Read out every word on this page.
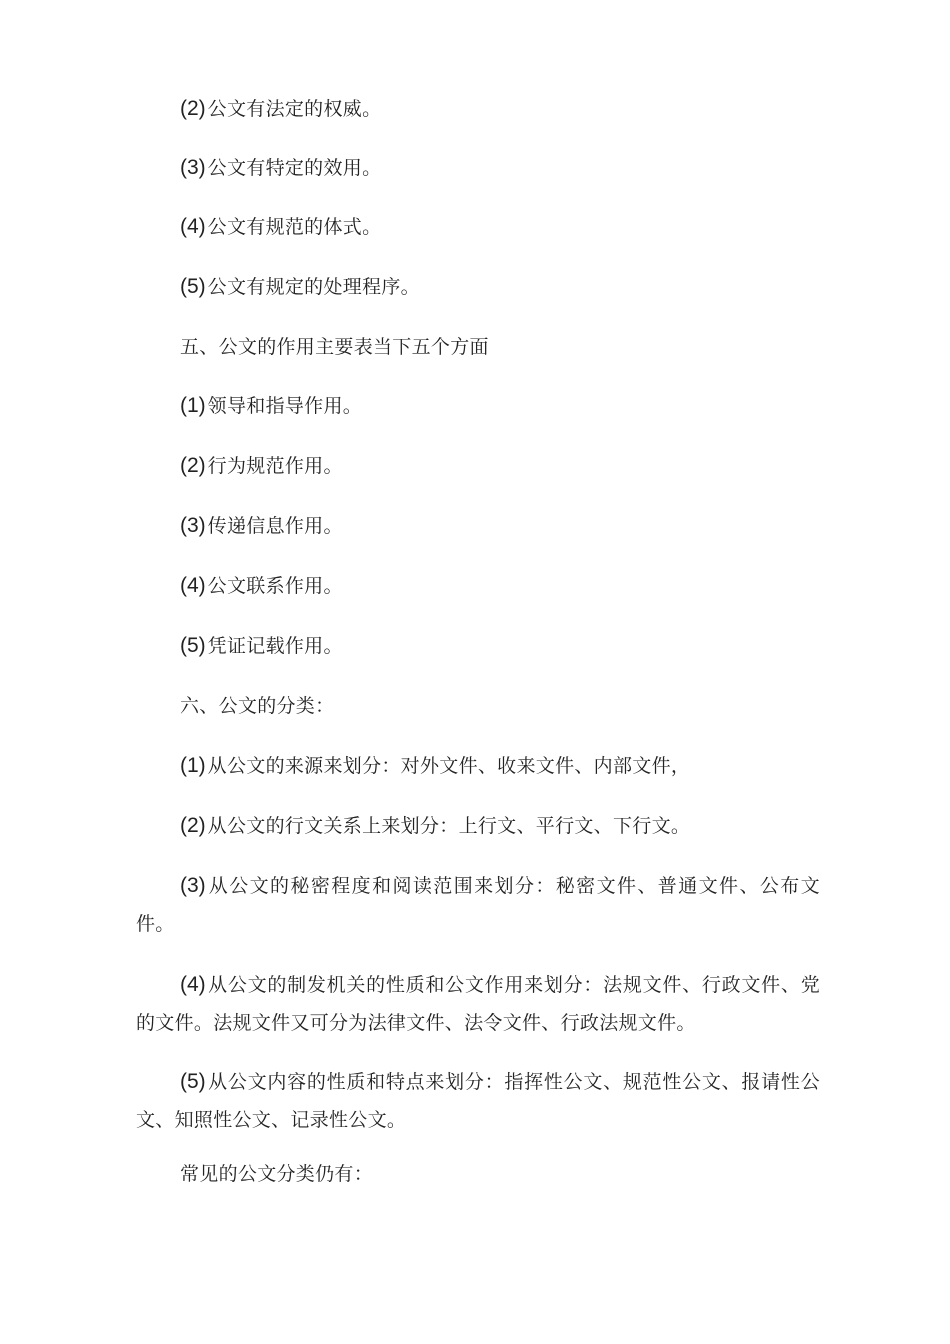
(2) 公文有法定的权威。
(3) 公文有特定的效用。
(4) 公文有规范的体式。
(5) 公文有规定的处理程序。
五、公文的作用主要表当下五个方面
(1) 领导和指导作用。
(2) 行为规范作用。
(3) 传递信息作用。
(4) 公文联系作用。
(5) 凭证记载作用。
六、公文的分类：
(1) 从公文的来源来划分：对外文件、收来文件、内部文件，
(2) 从公文的行文关系上来划分：上行文、平行文、下行文。
(3) 从公文的秘密程度和阅读范围来划分：秘密文件、普通文件、公布文件。
(4) 从公文的制发机关的性质和公文作用来划分：法规文件、行政文件、党的文件。法规文件又可分为法律文件、法令文件、行政法规文件。
(5) 从公文内容的性质和特点来划分：指挥性公文、规范性公文、报请性公文、知照性公文、记录性公文。
常见的公文分类仍有：
